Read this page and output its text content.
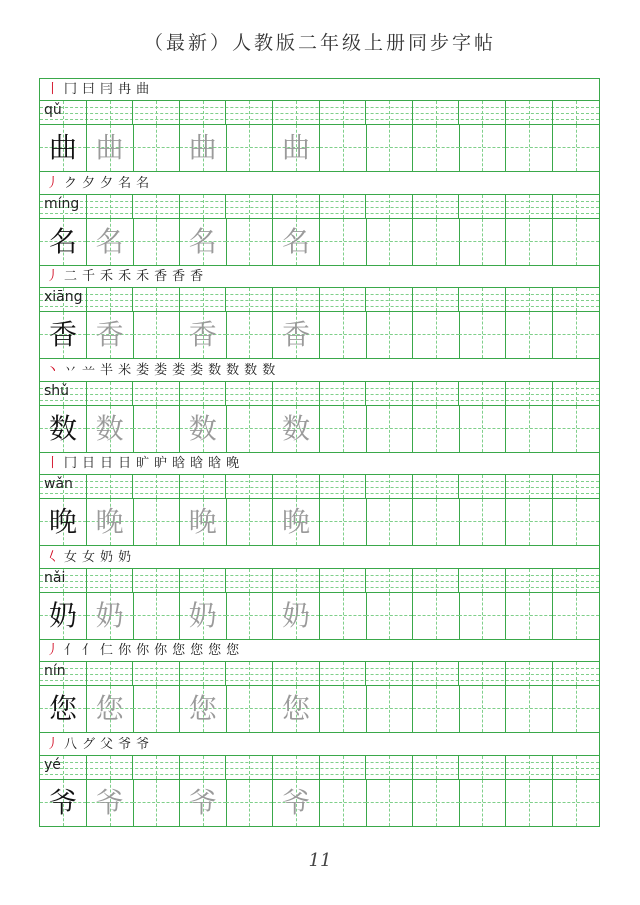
（最新）人教版二年级上册同步字帖
丨 冂 曰 冃 冉 曲
qǔ
曲 曲	曲	曲
丿 ク 夕 夕 名 名
míng
名 名	名	名
丿 二 千 禾 禾 禾 香 香 香
xiāng
香 香	香	香
丶 丷 䒑 半 米 娄 娄 娄 娄 数 数 数 数
shǔ
数 数	数	数
丨 冂 日 日 日 旷 昈 晗 晗 晗 晚
wǎn
晚 晚	晚	晚
𡿨 女 女 奶 奶
nǎi
奶 奶	奶	奶
丿 亻 亻 仁 你 你 你 您 您 您 您
nín
您 您	您	您
丿 八 グ 父 爷 爷
yé
爷 爷	爷	爷
11
